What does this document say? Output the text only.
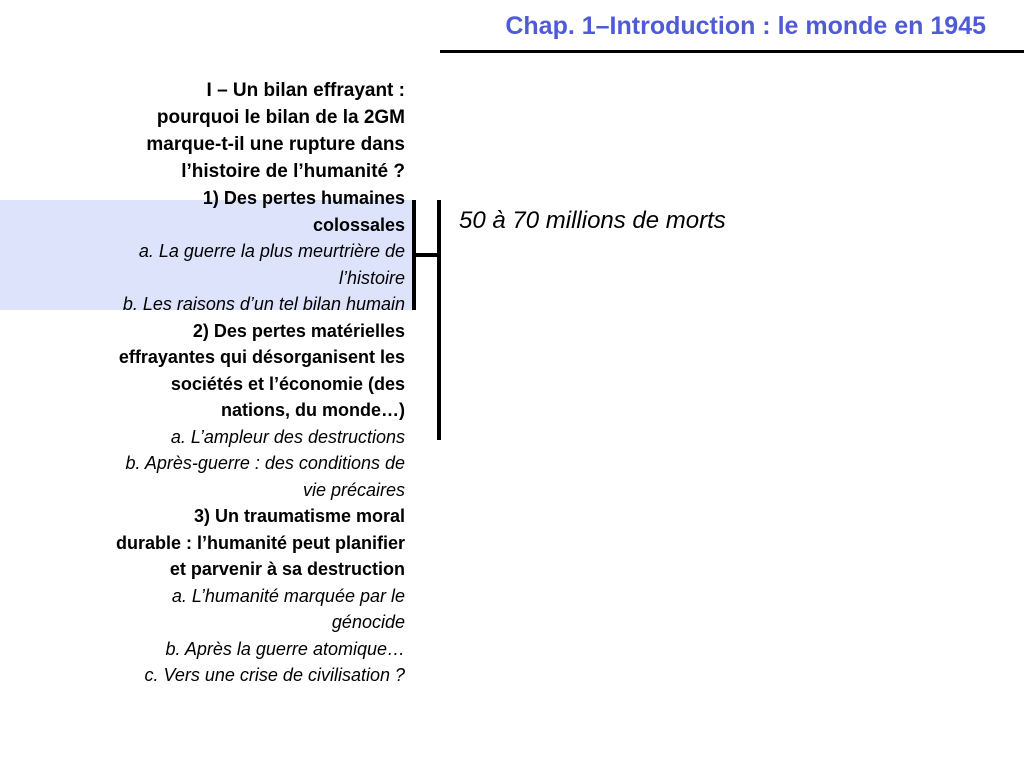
Chap. 1–Introduction : le monde en 1945
I – Un bilan effrayant :
pourquoi le bilan de la 2GM
marque-t-il une rupture dans
l’histoire de l’humanité ?
1) Des pertes humaines
colossales
a. La guerre la plus meurtrière de
l’histoire
b. Les raisons d’un tel bilan humain
2) Des pertes matérielles
effrayantes qui désorganisent les
sociétés et l’économie (des
nations, du monde…)
a. L’ampleur des destructions
b. Après-guerre : des conditions de
vie précaires
3) Un traumatisme moral
durable : l’humanité peut planifier
et parvenir à sa destruction
a. L’humanité marquée par le
génocide
b. Après la guerre atomique…
c. Vers une crise de civilisation ?
50 à 70 millions de morts
